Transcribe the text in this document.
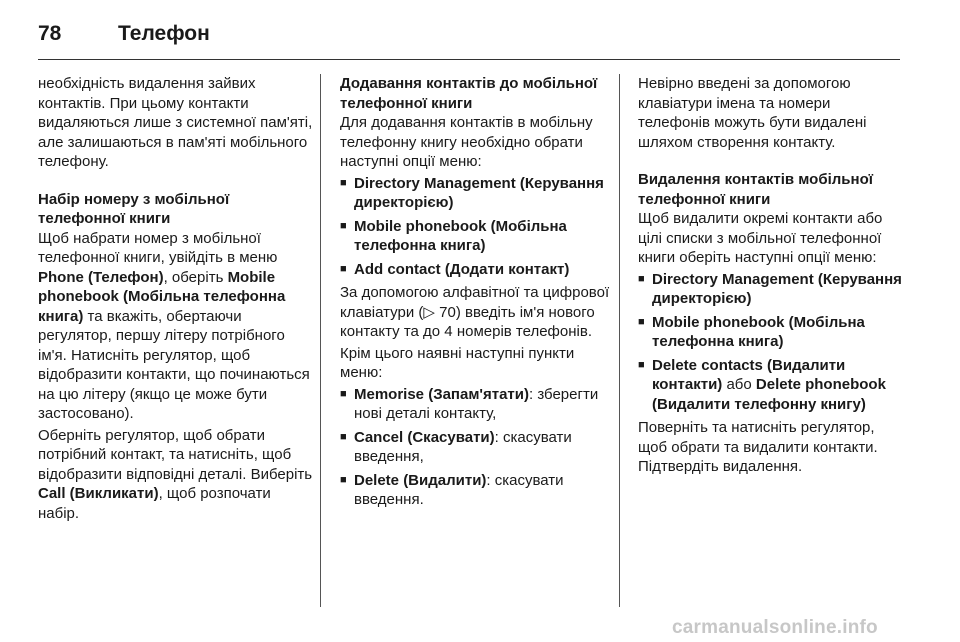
78	Телефон

необхідність видалення зайвих контактів. При цьому контакти видаляються лише з системної пам'яті, але залишаються в пам'яті мобільного телефону.

Набір номеру з мобільної телефонної книги

Щоб набрати номер з мобільної телефонної книги, увійдіть в меню Phone (Телефон), оберіть Mobile phonebook (Мобільна телефонна книга) та вкажіть, обертаючи регулятор, першу літеру потрібного ім'я. Натисніть регулятор, щоб відобразити контакти, що починаються на цю літеру (якщо це може бути застосовано).

Оберніть регулятор, щоб обрати потрібний контакт, та натисніть, щоб відобразити відповідні деталі. Виберіть Call (Викликати), щоб розпочати набір.

Додавання контактів до мобільної телефонної книги

Для додавання контактів в мобільну телефонну книгу необхідно обрати наступні опції меню:

■ Directory Management (Керування директорією)
■ Mobile phonebook (Мобільна телефонна книга)
■ Add contact (Додати контакт)

За допомогою алфавітної та цифрової клавіатури (▷ 70) введіть ім'я нового контакту та до 4 номерів телефонів.

Крім цього наявні наступні пункти меню:

■ Memorise (Запам'ятати): зберегти нові деталі контакту,
■ Cancel (Скасувати): скасувати введення,
■ Delete (Видалити): скасувати введення.

Невірно введені за допомогою клавіатури імена та номери телефонів можуть бути видалені шляхом створення контакту.

Видалення контактів мобільної телефонної книги

Щоб видалити окремі контакти або цілі списки з мобільної телефонної книги оберіть наступні опції меню:

■ Directory Management (Керування директорією)
■ Mobile phonebook (Мобільна телефонна книга)
■ Delete contacts (Видалити контакти) або Delete phonebook (Видалити телефонну книгу)

Поверніть та натисніть регулятор, щоб обрати та видалити контакти. Підтвердіть видалення.

carmanualsonline.info
